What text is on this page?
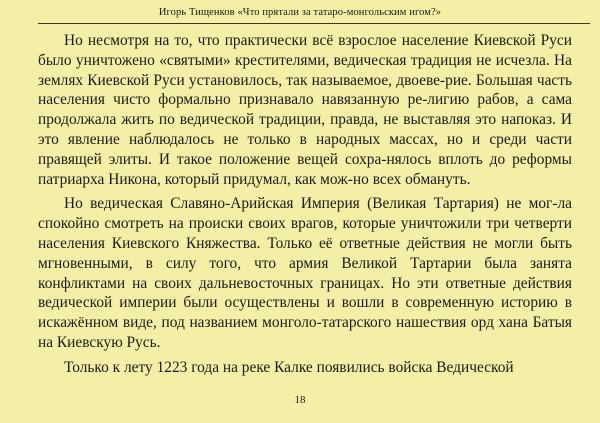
Игорь Тищенков «Что прятали за татаро-монгольским игом?»

Но несмотря на то, что практически всё взрослое население Киевской Руси было уничтожено «святыми» крестителями, ведическая традиция не исчезла. На землях Киевской Руси установилось, так называемое, двоеве-рие. Большая часть населения чисто формально признавало навязанную ре-лигию рабов, а сама продолжала жить по ведической традиции, правда, не выставляя это напоказ. И это явление наблюдалось не только в народных массах, но и среди части правящей элиты. И такое положение вещей сохра-нялось вплоть до реформы патриарха Никона, который придумал, как мож-но всех обмануть.

Но ведическая Славяно-Арийская Империя (Великая Тартария) не мог-ла спокойно смотреть на происки своих врагов, которые уничтожили три четверти населения Киевского Княжества. Только её ответные действия не могли быть мгновенными, в силу того, что армия Великой Тартарии была занята конфликтами на своих дальневосточных границах. Но эти ответные действия ведической империи были осуществлены и вошли в современную историю в искажённом виде, под названием монголо-татарского нашествия орд хана Батыя на Киевскую Русь.

Только к лету 1223 года на реке Калке появились войска Ведической

18
